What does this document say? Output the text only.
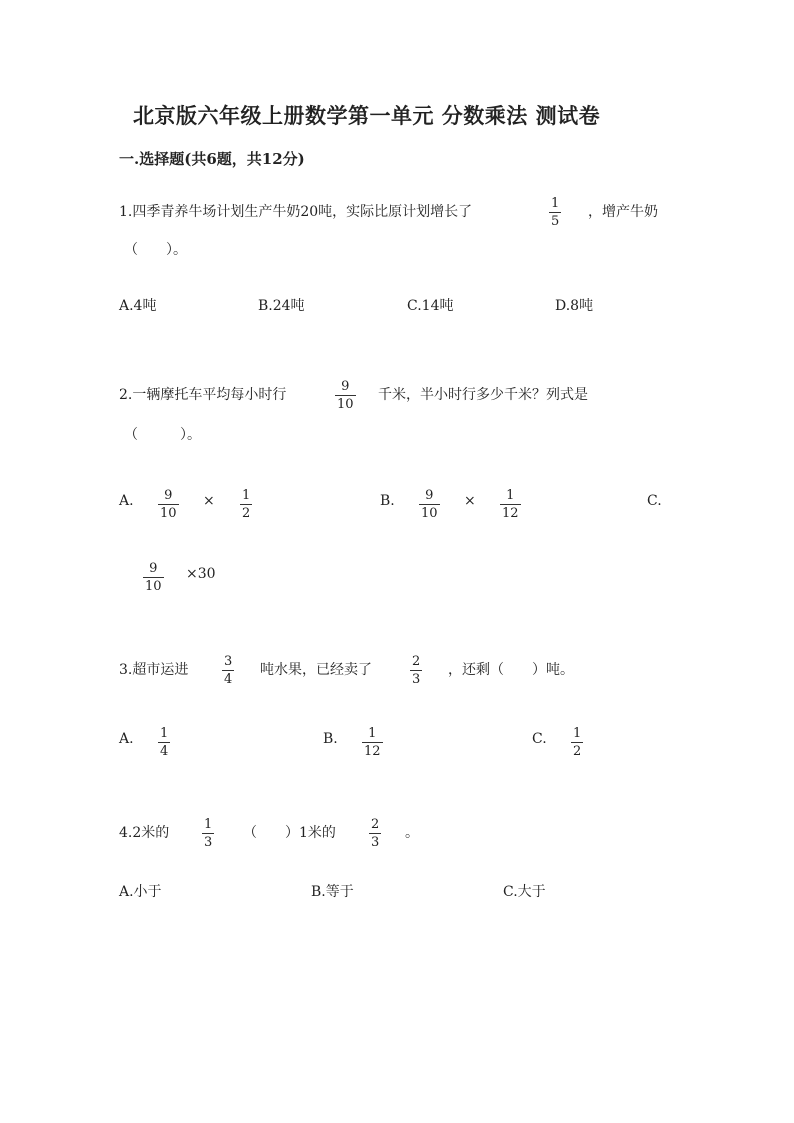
北京版六年级上册数学第一单元 分数乘法 测试卷
一.选择题(共6题，共12分)
1.四季青养牛场计划生产牛奶20吨，实际比原计划增长了
1
5
，增产牛奶
（　　）。
A.4吨	B.24吨	C.14吨	D.8吨
2.一辆摩托车平均每小时行
9
10
千米，半小时行多少千米？列式是
（　　　）。
A. 9
10
× 1
2
B. 9
10
× 1
12
C.
9
10
×30
3.超市运进
3
4
吨水果，已经卖了
2
3
，还剩（　　）吨。
A. 1
4
B. 1
12
C. 1
2
4.2米的
1
3
（　　）1米的
2
3
。
A.小于	B.等于	C.大于
